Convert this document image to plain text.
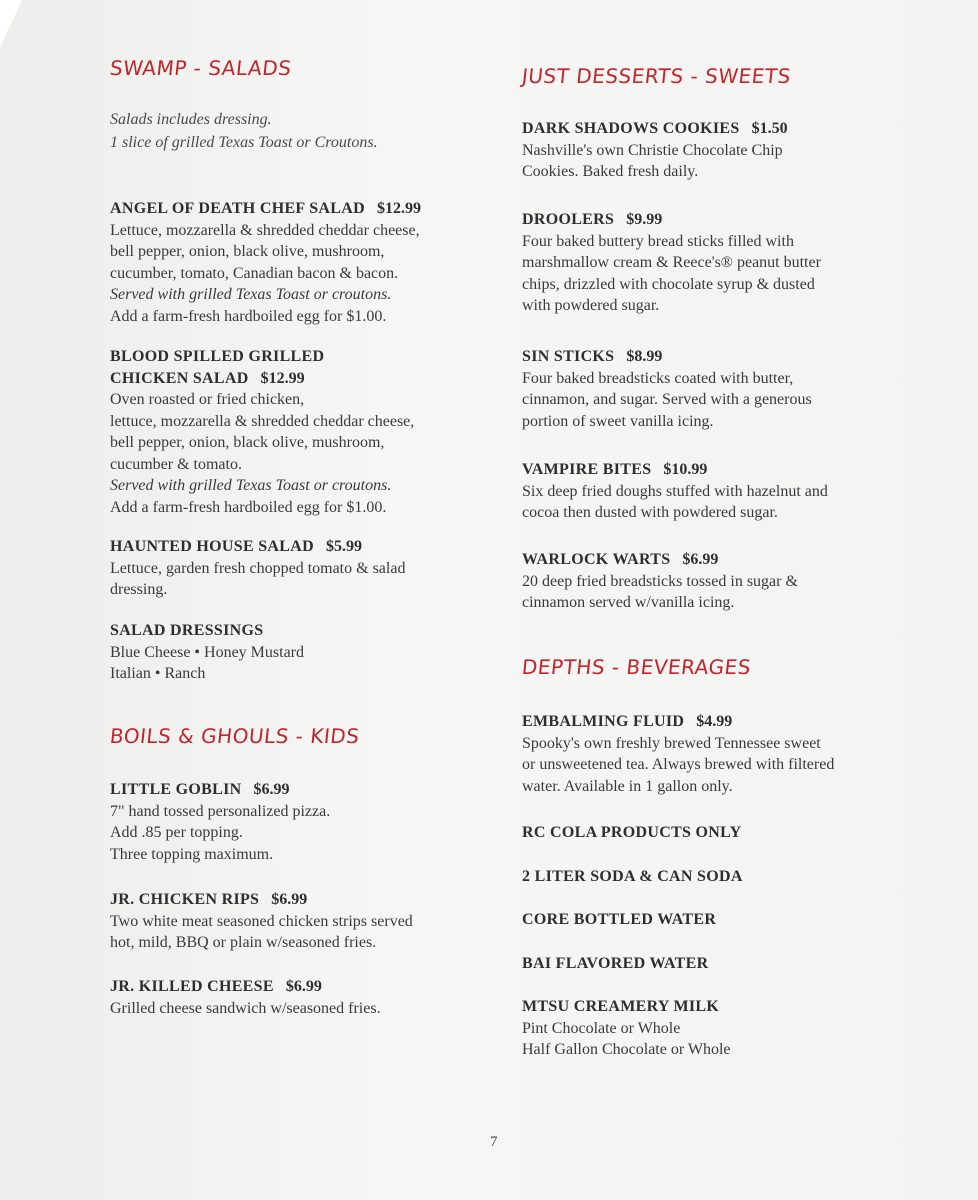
SWAMP - SALADS
Salads includes dressing.
1 slice of grilled Texas Toast or Croutons.
ANGEL OF DEATH CHEF SALAD $12.99
Lettuce, mozzarella & shredded cheddar cheese,
bell pepper, onion, black olive, mushroom,
cucumber, tomato, Canadian bacon & bacon.
Served with grilled Texas Toast or croutons.
Add a farm-fresh hardboiled egg for $1.00.
BLOOD SPILLED GRILLED
CHICKEN SALAD $12.99
Oven roasted or fried chicken,
lettuce, mozzarella & shredded cheddar cheese,
bell pepper, onion, black olive, mushroom,
cucumber & tomato.
Served with grilled Texas Toast or croutons.
Add a farm-fresh hardboiled egg for $1.00.
HAUNTED HOUSE SALAD $5.99
Lettuce, garden fresh chopped tomato & salad
dressing.
SALAD DRESSINGS
Blue Cheese • Honey Mustard
Italian • Ranch
BOILS & GHOULS - KIDS
LITTLE GOBLIN $6.99
7" hand tossed personalized pizza.
Add .85 per topping.
Three topping maximum.
JR. CHICKEN RIPS $6.99
Two white meat seasoned chicken strips served
hot, mild, BBQ or plain w/seasoned fries.
JR. KILLED CHEESE $6.99
Grilled cheese sandwich w/seasoned fries.
JUST DESSERTS - SWEETS
DARK SHADOWS COOKIES $1.50
Nashville's own Christie Chocolate Chip
Cookies. Baked fresh daily.
DROOLERS $9.99
Four baked buttery bread sticks filled with
marshmallow cream & Reece's® peanut butter
chips, drizzled with chocolate syrup & dusted
with powdered sugar.
SIN STICKS $8.99
Four baked breadsticks coated with butter,
cinnamon, and sugar. Served with a generous
portion of sweet vanilla icing.
VAMPIRE BITES $10.99
Six deep fried doughs stuffed with hazelnut and
cocoa then dusted with powdered sugar.
WARLOCK WARTS $6.99
20 deep fried breadsticks tossed in sugar &
cinnamon served w/vanilla icing.
DEPTHS - BEVERAGES
EMBALMING FLUID $4.99
Spooky's own freshly brewed Tennessee sweet
or unsweetened tea. Always brewed with filtered
water. Available in 1 gallon only.
RC COLA PRODUCTS ONLY
2 LITER SODA & CAN SODA
CORE BOTTLED WATER
BAI FLAVORED WATER
MTSU CREAMERY MILK
Pint Chocolate or Whole
Half Gallon Chocolate or Whole
7
